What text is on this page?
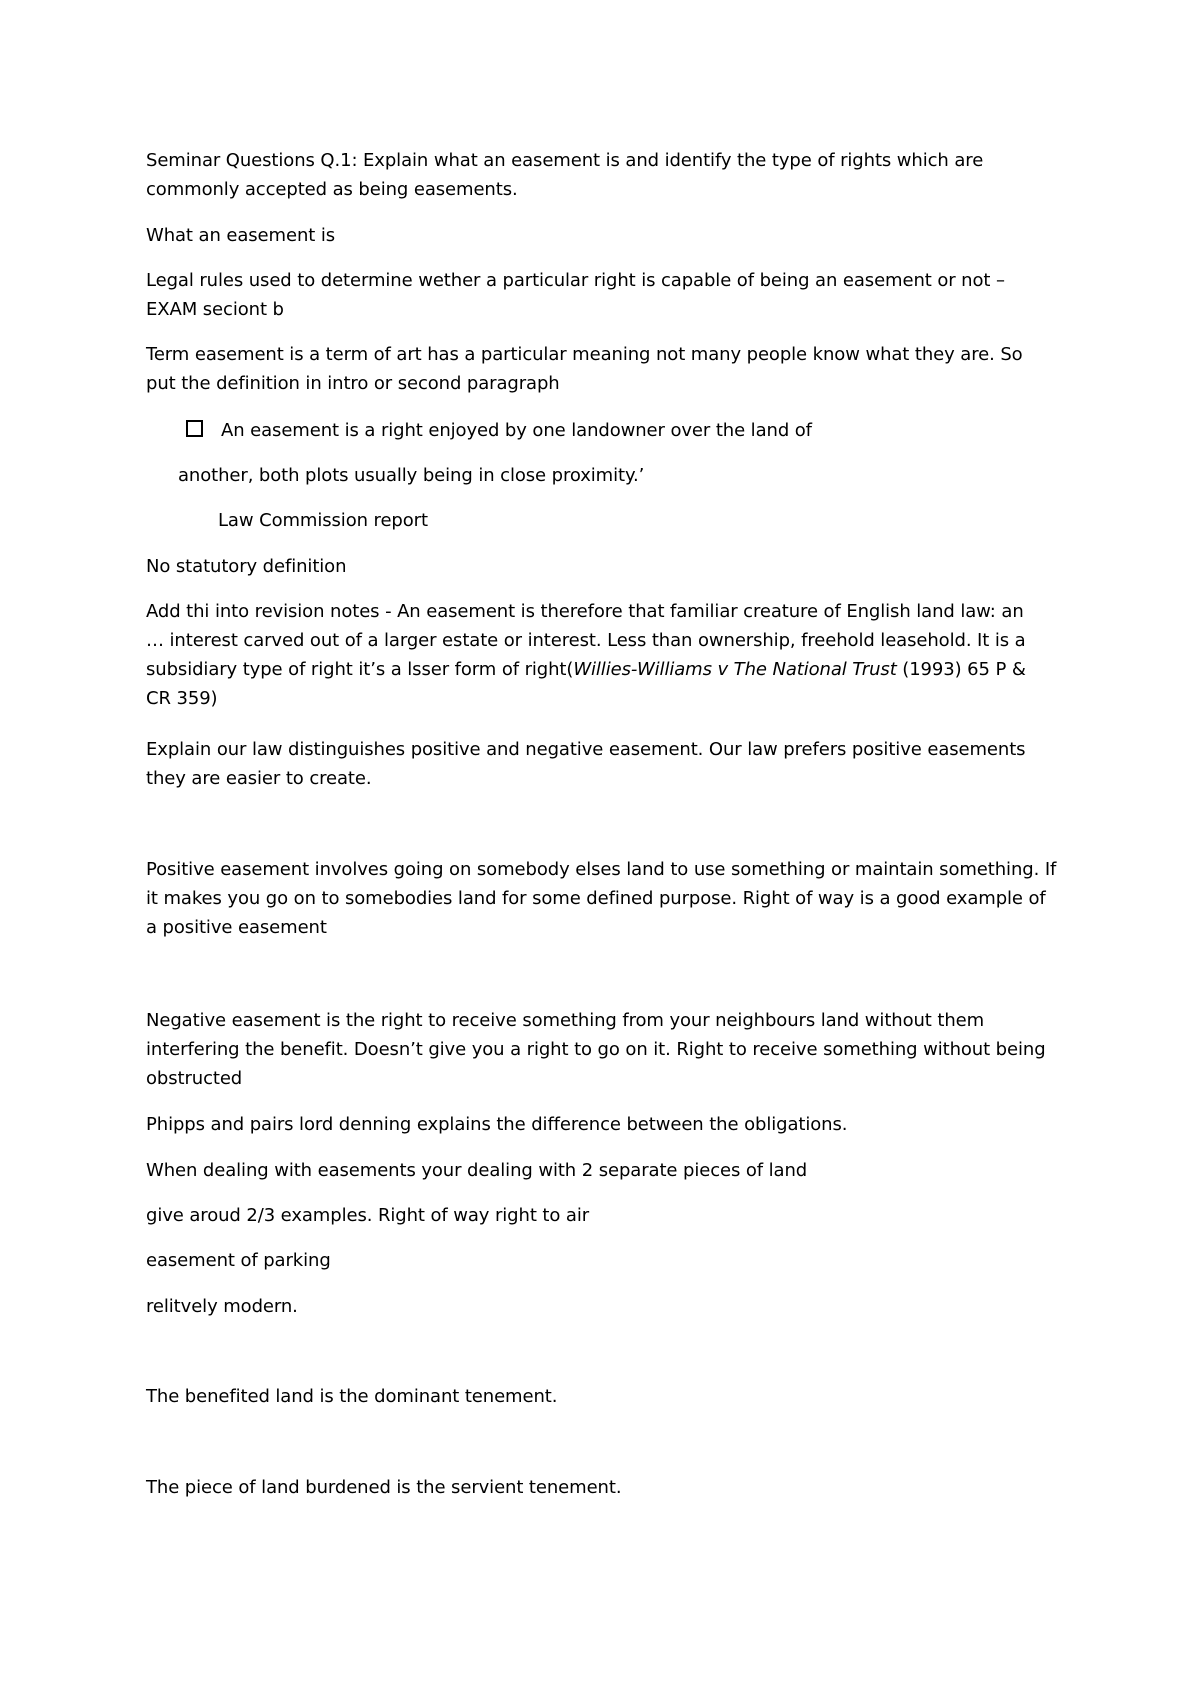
Seminar Questions Q.1: Explain what an easement is and identify the type of rights which are
commonly accepted as being easements.

What an easement is

Legal rules used to determine wether a particular right is capable of being an easement or not –
EXAM seciont b

Term easement is a term of art has a particular meaning not many people know what they are. So
put the definition in intro or second paragraph

An easement is a right enjoyed by one landowner over the land of

another, both plots usually being in close proximity.’

Law Commission report

No statutory definition

Add thi into revision notes - An easement is therefore that familiar creature of English land law: an
… interest carved out of a larger estate or interest. Less than ownership, freehold leasehold. It is a
subsidiary type of right it’s a lsser form of right(Willies-Williams v The National Trust (1993) 65 P &
CR 359)

Explain our law distinguishes positive and negative easement. Our law prefers positive easements
they are easier to create.

Positive easement involves going on somebody elses land to use something or maintain something. If
it makes you go on to somebodies land for some defined purpose. Right of way is a good example of
a positive easement

Negative easement is the right to receive something from your neighbours land without them
interfering the benefit. Doesn’t give you a right to go on it. Right to receive something without being
obstructed

Phipps and pairs lord denning explains the difference between the obligations.

When dealing with easements your dealing with 2 separate pieces of land

give aroud 2/3 examples. Right of way right to air

easement of parking

relitvely modern.

The benefited land is the dominant tenement.

The piece of land burdened is the servient tenement.
